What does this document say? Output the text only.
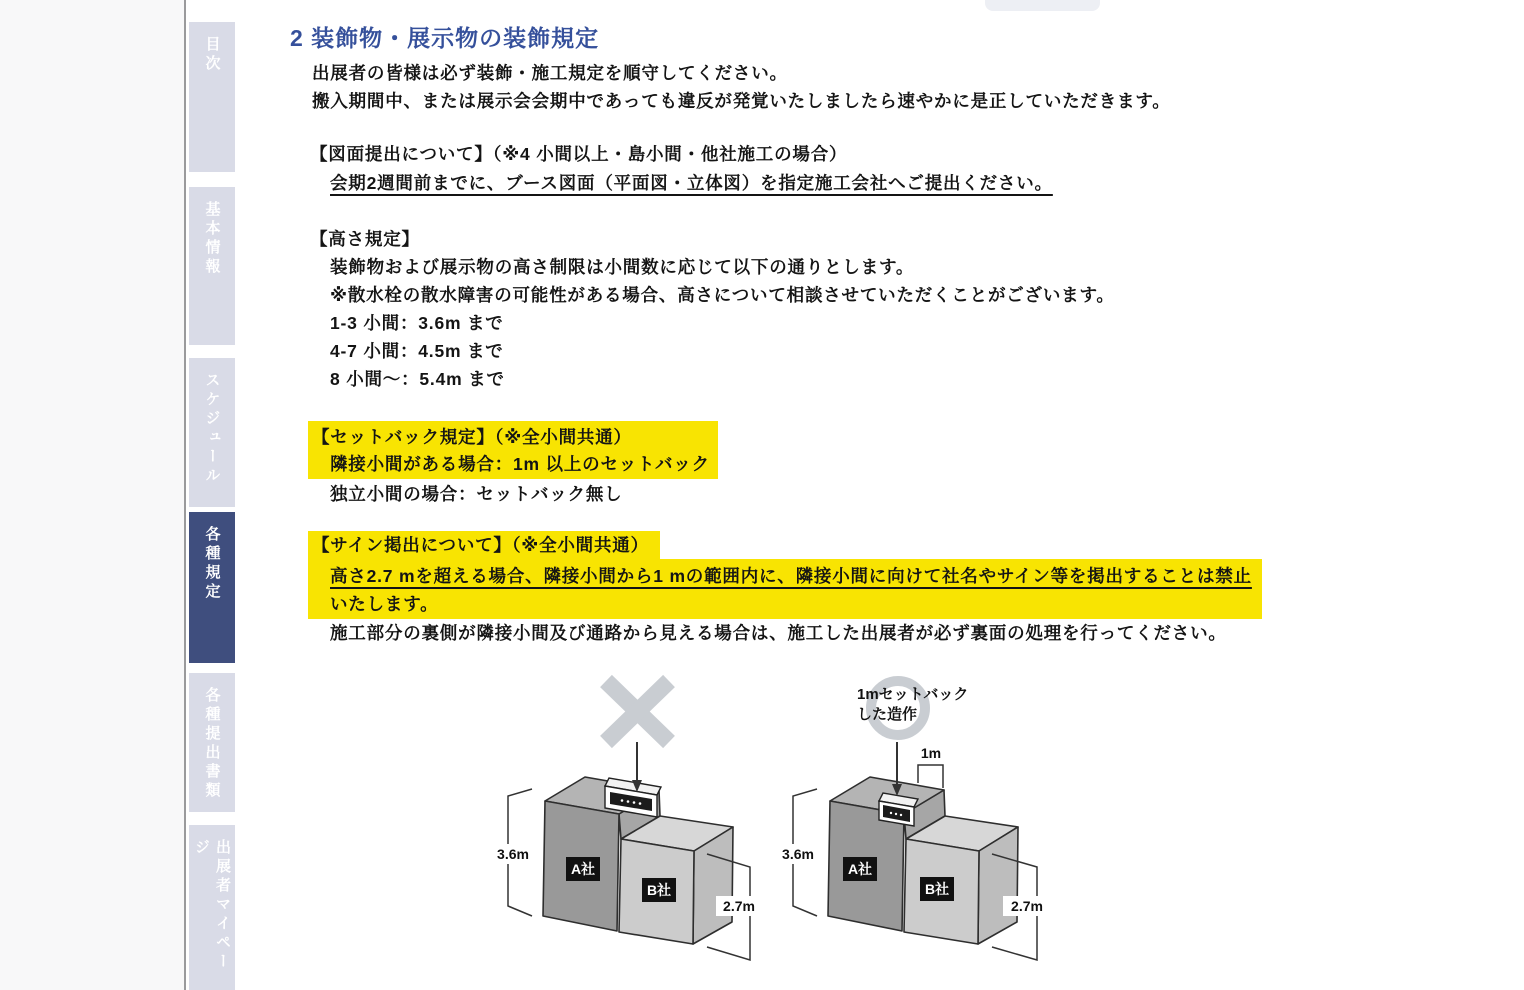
目次
基本情報
スケジュール
各種規定
各種提出書類
出展者マイページ
2 装飾物・展示物の装飾規定
出展者の皆様は必ず装飾・施工規定を順守してください。
搬入期間中、または展示会会期中であっても違反が発覚いたしましたら速やかに是正していただきます。
【図面提出について】（※4 小間以上・島小間・他社施工の場合）
会期2週間前までに、ブース図面（平面図・立体図）を指定施工会社へご提出ください。
【高さ規定】
装飾物および展示物の高さ制限は小間数に応じて以下の通りとします。
※散水栓の散水障害の可能性がある場合、高さについて相談させていただくことがございます。
1-3 小間：3.6m まで
4-7 小間：4.5m まで
8 小間〜：5.4m まで
【セットバック規定】（※全小間共通）
隣接小間がある場合：1m 以上のセットバック
独立小間の場合：セットバック無し
【サイン掲出について】（※全小間共通）
高さ2.7 mを超える場合、隣接小間から1 mの範囲内に、隣接小間に向けて社名やサイン等を掲出することは禁止
いたします。
施工部分の裏側が隣接小間及び通路から見える場合は、施工した出展者が必ず裏面の処理を行ってください。
A社
B社
3.6m
2.7m
1mセットバック
した造作
1m
A社
B社
3.6m
2.7m
